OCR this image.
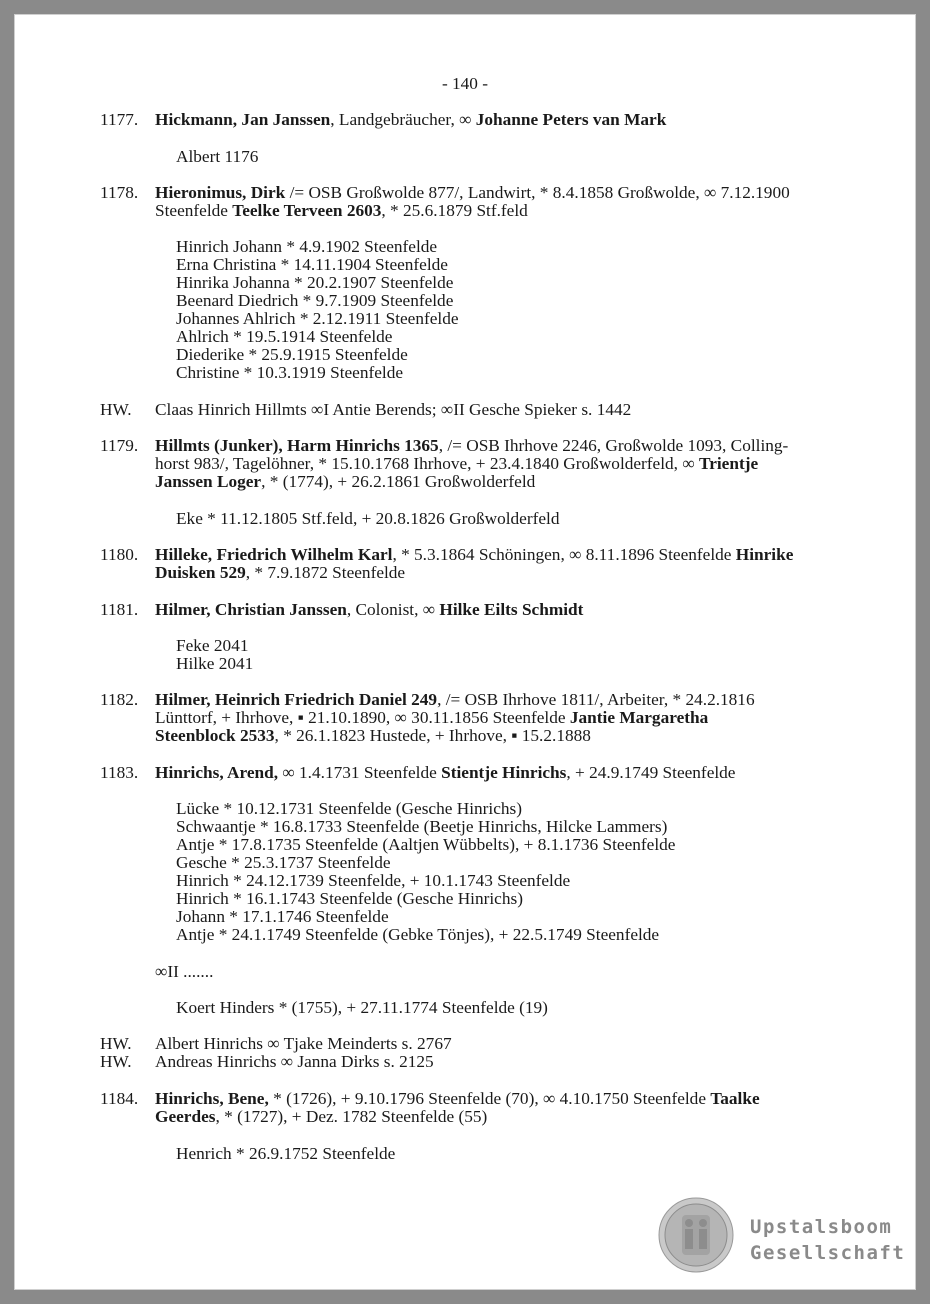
- 140 -
1177. Hickmann, Jan Janssen, Landgebräucher, ∞ Johanne Peters van Mark
Albert 1176
1178. Hieronimus, Dirk /= OSB Großwolde 877/, Landwirt, * 8.4.1858 Großwolde, ∞ 7.12.1900
Steenfelde Teelke Terveen 2603, * 25.6.1879 Stf.feld
Hinrich Johann * 4.9.1902 Steenfelde
Erna Christina * 14.11.1904 Steenfelde
Hinrika Johanna * 20.2.1907 Steenfelde
Beenard Diedrich * 9.7.1909 Steenfelde
Johannes Ahlrich * 2.12.1911 Steenfelde
Ahlrich * 19.5.1914 Steenfelde
Diederike * 25.9.1915 Steenfelde
Christine * 10.3.1919 Steenfelde
HW. Claas Hinrich Hillmts ∞I Antie Berends; ∞II Gesche Spieker s. 1442
1179. Hillmts (Junker), Harm Hinrichs 1365, /= OSB Ihrhove 2246, Großwolde 1093, Colling-
horst 983/, Tagelöhner, * 15.10.1768 Ihrhove, + 23.4.1840 Großwolderfeld, ∞ Trientje
Janssen Loger, * (1774), + 26.2.1861 Großwolderfeld
Eke * 11.12.1805 Stf.feld, + 20.8.1826 Großwolderfeld
1180. Hilleke, Friedrich Wilhelm Karl, * 5.3.1864 Schöningen, ∞ 8.11.1896 Steenfelde Hinrike
Duisken 529, * 7.9.1872 Steenfelde
1181. Hilmer, Christian Janssen, Colonist, ∞ Hilke Eilts Schmidt
Feke 2041
Hilke 2041
1182. Hilmer, Heinrich Friedrich Daniel 249, /= OSB Ihrhove 1811/, Arbeiter, * 24.2.1816
Lünttorf, + Ihrhove, ▪ 21.10.1890, ∞ 30.11.1856 Steenfelde Jantie Margaretha
Steenblock 2533, * 26.1.1823 Hustede, + Ihrhove, ▪ 15.2.1888
1183. Hinrichs, Arend, ∞ 1.4.1731 Steenfelde Stientje Hinrichs, + 24.9.1749 Steenfelde
Lücke * 10.12.1731 Steenfelde (Gesche Hinrichs)
Schwaantje * 16.8.1733 Steenfelde (Beetje Hinrichs, Hilcke Lammers)
Antje * 17.8.1735 Steenfelde (Aaltjen Wübbelts), + 8.1.1736 Steenfelde
Gesche * 25.3.1737 Steenfelde
Hinrich * 24.12.1739 Steenfelde, + 10.1.1743 Steenfelde
Hinrich * 16.1.1743 Steenfelde (Gesche Hinrichs)
Johann * 17.1.1746 Steenfelde
Antje * 24.1.1749 Steenfelde (Gebke Tönjes), + 22.5.1749 Steenfelde
∞II .......
Koert Hinders * (1755), + 27.11.1774 Steenfelde (19)
HW. Albert Hinrichs ∞ Tjake Meinderts s. 2767
HW. Andreas Hinrichs ∞ Janna Dirks s. 2125
1184. Hinrichs, Bene, * (1726), + 9.10.1796 Steenfelde (70), ∞ 4.10.1750 Steenfelde Taalke
Geerdes, * (1727), + Dez. 1782 Steenfelde (55)
Henrich * 26.9.1752 Steenfelde
Upstalsboom
Gesellschaft
